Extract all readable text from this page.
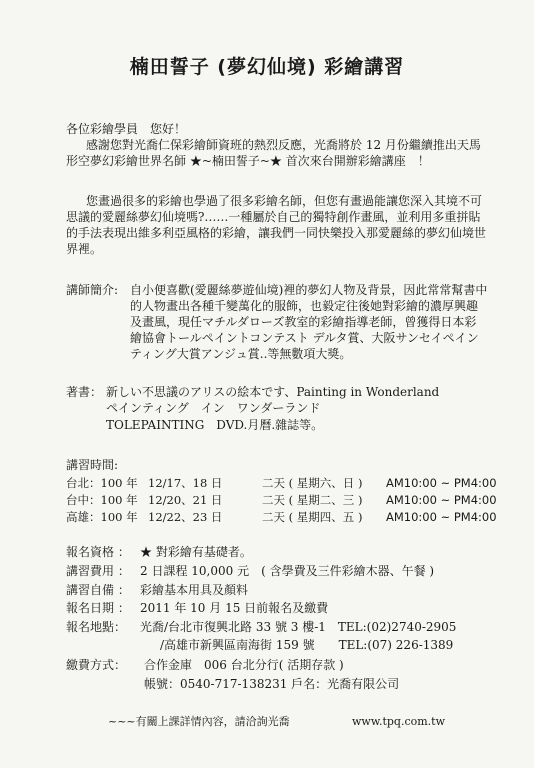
楠田誓子 (夢幻仙境) 彩繪講習
各位彩繪學員　您好！
感謝您對光喬仁保彩繪師資班的熱烈反應，光喬將於 12 月份繼續推出天馬
形空夢幻彩繪世界名師 ★~楠田誓子~★ 首次來台開辦彩繪講座　！
您畫過很多的彩繪也學過了很多彩繪名師，但您有畫過能讓您深入其境不可
思議的愛麗絲夢幻仙境嗎?……一種屬於自己的獨特創作畫風，並利用多重拼貼
的手法表現出維多利亞風格的彩繪，讓我們一同快樂投入那愛麗絲的夢幻仙境世
界裡。
講師簡介: 自小便喜歡(愛麗絲夢遊仙境)裡的夢幻人物及背景，因此常常幫書中
的人物畫出各種千變萬化的服飾，也毅定往後她對彩繪的濃厚興趣
及畫風，現任マチルダローズ教室的彩繪指導老師，曾獲得日本彩
繪協會トールペイントコンテスト デルタ賞、大阪サンセイペイン
ティング大賞アンジュ賞..等無數項大獎。
著書： 新しい不思議のアリスの絵本です、Painting in Wonderland
ペインティング　イン　ワンダーランド
TOLEPAINTING　DVD.月曆.雜誌等。
講習時間:
台北：100 年 12/17、18 日	二天 ( 星期六、日 ) AM10:00 ~ PM4:00
台中：100 年 12/20、21 日	二天 ( 星期二、三 ) AM10:00 ~ PM4:00
高雄：100 年 12/22、23 日	二天 ( 星期四、五 ) AM10:00 ~ PM4:00
報名資格 ： ★ 對彩繪有基礎者。
講習費用 ： 2 日課程 10,000 元　( 含學費及三件彩繪木器、午餐 )
講習自備 ： 彩繪基本用具及顏料
報名日期 ： 2011 年 10 月 15 日前報名及繳費
報名地點： 光喬/台北市復興北路 33 號 3 樓-1　TEL:(02)2740-2905
/高雄市新興區南海街 159 號　　TEL:(07) 226-1389
繳費方式： 合作金庫　006 台北分行( 活期存款 )
帳號：0540-717-138231 戶名：光喬有限公司
~~~有關上課詳情內容，請洽詢光喬	www.tpq.com.tw
